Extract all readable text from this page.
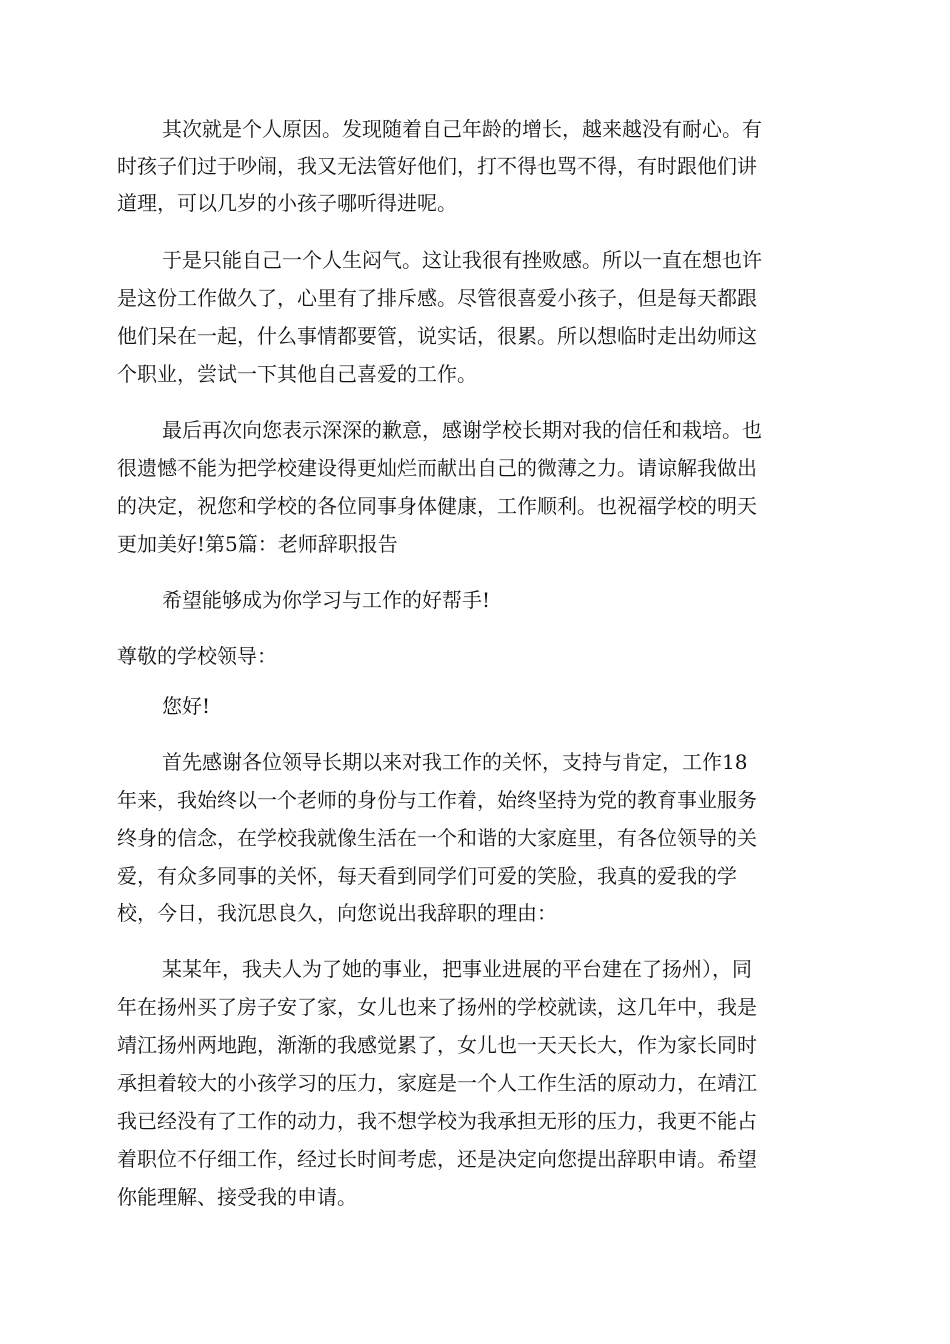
其次就是个人原因。发现随着自己年龄的增长，越来越没有耐心。有

时孩子们过于吵闹，我又无法管好他们，打不得也骂不得，有时跟他们讲

道理，可以几岁的小孩子哪听得进呢。

于是只能自己一个人生闷气。这让我很有挫败感。所以一直在想也许

是这份工作做久了，心里有了排斥感。尽管很喜爱小孩子，但是每天都跟

他们呆在一起，什么事情都要管，说实话，很累。所以想临时走出幼师这

个职业，尝试一下其他自己喜爱的工作。

最后再次向您表示深深的歉意，感谢学校长期对我的信任和栽培。也

很遗憾不能为把学校建设得更灿烂而献出自己的微薄之力。请谅解我做出

的决定，祝您和学校的各位同事身体健康，工作顺利。也祝福学校的明天

更加美好!第5篇：老师辞职报告

希望能够成为你学习与工作的好帮手!

尊敬的学校领导：

您好!

首先感谢各位领导长期以来对我工作的关怀，支持与肯定，工作18

年来，我始终以一个老师的身份与工作着，始终坚持为党的教育事业服务

终身的信念，在学校我就像生活在一个和谐的大家庭里，有各位领导的关

爱，有众多同事的关怀，每天看到同学们可爱的笑脸，我真的爱我的学

校，今日，我沉思良久，向您说出我辞职的理由：

某某年，我夫人为了她的事业，把事业进展的平台建在了扬州），同

年在扬州买了房子安了家，女儿也来了扬州的学校就读，这几年中，我是

靖江扬州两地跑，渐渐的我感觉累了，女儿也一天天长大，作为家长同时

承担着较大的小孩学习的压力，家庭是一个人工作生活的原动力，在靖江

我已经没有了工作的动力，我不想学校为我承担无形的压力，我更不能占

着职位不仔细工作，经过长时间考虑，还是决定向您提出辞职申请。希望

你能理解、接受我的申请。
